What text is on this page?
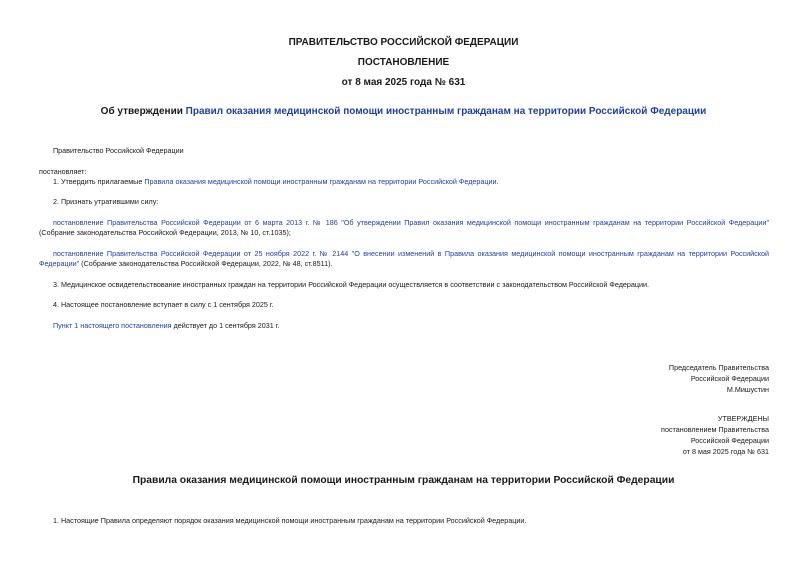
ПРАВИТЕЛЬСТВО РОССИЙСКОЙ ФЕДЕРАЦИИ
ПОСТАНОВЛЕНИЕ
от 8 мая 2025 года № 631
Об утверждении Правил оказания медицинской помощи иностранным гражданам на территории Российской Федерации
Правительство Российской Федерации
постановляет:
1. Утвердить прилагаемые Правила оказания медицинской помощи иностранным гражданам на территории Российской Федерации.
2. Признать утратившими силу:
постановление Правительства Российской Федерации от 6 марта 2013 г. № 186 "Об утверждении Правил оказания медицинской помощи иностранным гражданам на территории Российской Федерации" (Собрание законодательства Российской Федерации, 2013, № 10, ст.1035);
постановление Правительства Российской Федерации от 25 ноября 2022 г. № 2144 "О внесении изменений в Правила оказания медицинской помощи иностранным гражданам на территории Российской Федерации" (Собрание законодательства Российской Федерации, 2022, № 48, ст.8511).
3. Медицинское освидетельствование иностранных граждан на территории Российской Федерации осуществляется в соответствии с законодательством Российской Федерации.
4. Настоящее постановление вступает в силу с 1 сентября 2025 г.
Пункт 1 настоящего постановления действует до 1 сентября 2031 г.
Председатель Правительства
Российской Федерации
М.Мишустин
УТВЕРЖДЕНЫ
постановлением Правительства
Российской Федерации
от 8 мая 2025 года № 631
Правила оказания медицинской помощи иностранным гражданам на территории Российской Федерации
1. Настоящие Правила определяют порядок оказания медицинской помощи иностранным гражданам на территории Российской Федерации.
